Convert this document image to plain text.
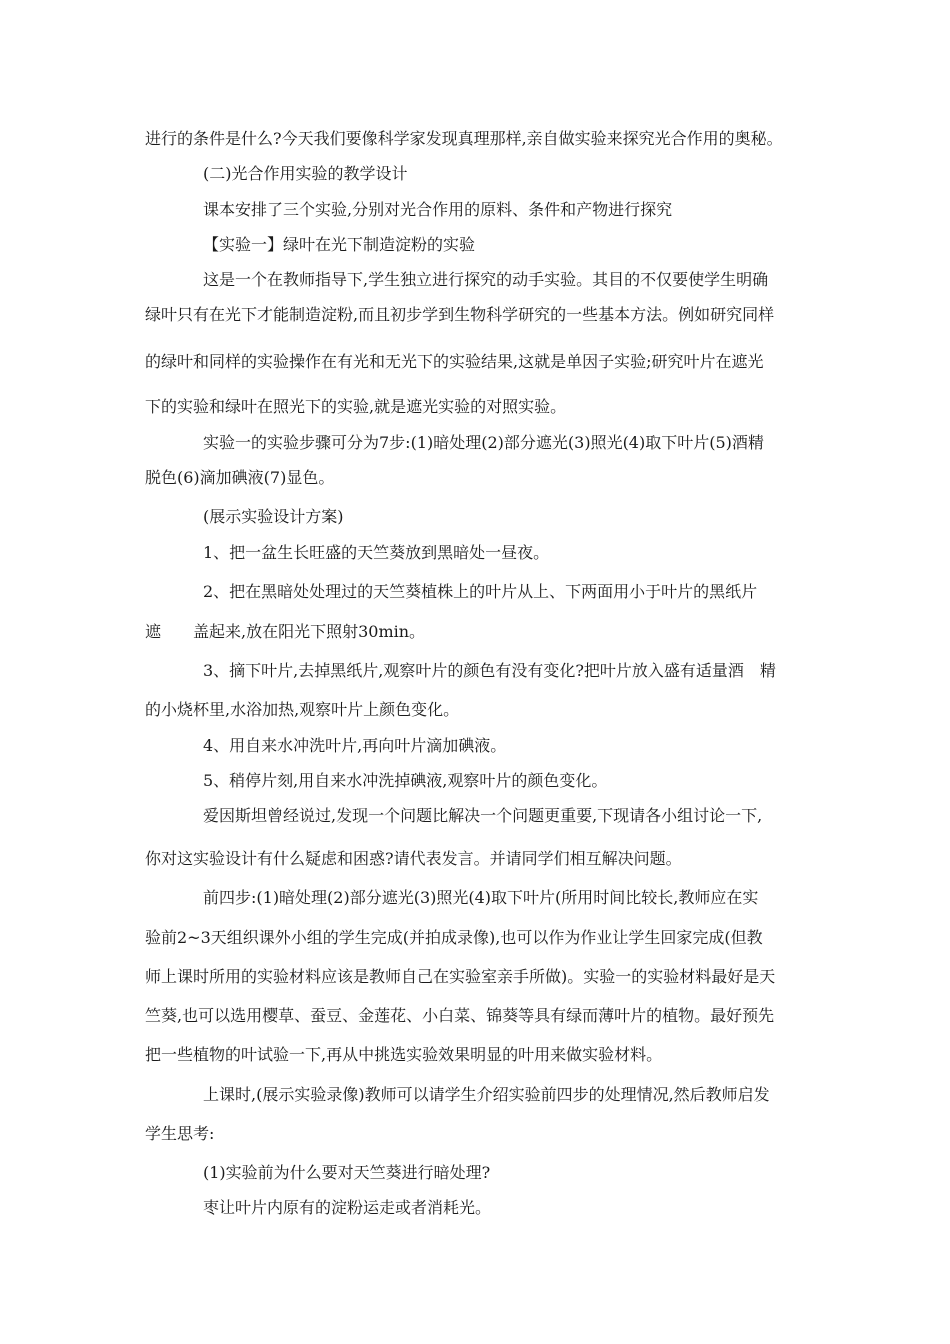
进行的条件是什么?今天我们要像科学家发现真理那样,亲自做实验来探究光合作用的奥秘。
(二)光合作用实验的教学设计
课本安排了三个实验,分别对光合作用的原料、条件和产物进行探究
【实验一】绿叶在光下制造淀粉的实验
这是一个在教师指导下,学生独立进行探究的动手实验。其目的不仅要使学生明确
绿叶只有在光下才能制造淀粉,而且初步学到生物科学研究的一些基本方法。例如研究同样
的绿叶和同样的实验操作在有光和无光下的实验结果,这就是单因子实验;研究叶片在遮光
下的实验和绿叶在照光下的实验,就是遮光实验的对照实验。
实验一的实验步骤可分为7步:(1)暗处理(2)部分遮光(3)照光(4)取下叶片(5)酒精
脱色(6)滴加碘液(7)显色。
(展示实验设计方案)
1、把一盆生长旺盛的天竺葵放到黑暗处一昼夜。
2、把在黑暗处处理过的天竺葵植株上的叶片从上、下两面用小于叶片的黑纸片
遮　　盖起来,放在阳光下照射30min。
3、摘下叶片,去掉黑纸片,观察叶片的颜色有没有变化?把叶片放入盛有适量酒　精
的小烧杯里,水浴加热,观察叶片上颜色变化。
4、用自来水冲洗叶片,再向叶片滴加碘液。
5、稍停片刻,用自来水冲洗掉碘液,观察叶片的颜色变化。
爱因斯坦曾经说过,发现一个问题比解决一个问题更重要,下现请各小组讨论一下,
你对这实验设计有什么疑虑和困惑?请代表发言。并请同学们相互解决问题。
前四步:(1)暗处理(2)部分遮光(3)照光(4)取下叶片(所用时间比较长,教师应在实
验前2~3天组织课外小组的学生完成(并拍成录像),也可以作为作业让学生回家完成(但教
师上课时所用的实验材料应该是教师自己在实验室亲手所做)。实验一的实验材料最好是天
竺葵,也可以选用樱草、蚕豆、金莲花、小白菜、锦葵等具有绿而薄叶片的植物。最好预先
把一些植物的叶试验一下,再从中挑选实验效果明显的叶用来做实验材料。
上课时,(展示实验录像)教师可以请学生介绍实验前四步的处理情况,然后教师启发
学生思考:
(1)实验前为什么要对天竺葵进行暗处理?
枣让叶片内原有的淀粉运走或者消耗光。
